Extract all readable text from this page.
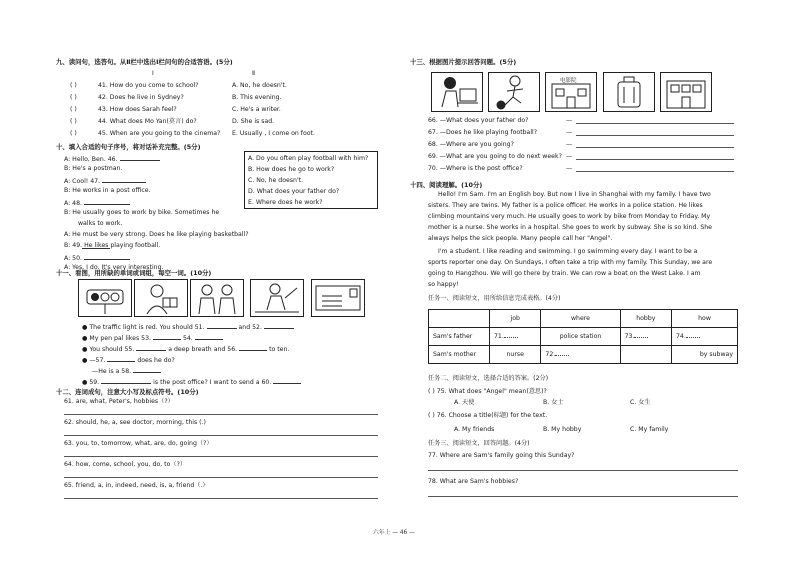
九、读问句，选答句。从Ⅱ栏中选出Ⅰ栏问句的合适答语。(5分)
Ⅰ	Ⅱ
( )	41. How do you come to school?	A. No, he doesn't.
( )	42. Does he live in Sydney?	B. This evening.
( )	43. How does Sarah feel?	C. He's a writer.
( )	44. What does Mo Yan(莫言) do?	D. She is sad.
( )	45. When are you going to the cinema? E. Usually , I come on foot.
十、填入合适的句子序号，将对话补充完整。(5分)
A: Hello, Ben. 46.
B: He's a postman.
A: Cool! 47.
B: He works in a post office.
A: 48.
B: He usually goes to work by bike. Sometimes he
walks to work.
A: He must be very strong. Does he like playing basketball?
B: 49. He likes playing football.
A: 50.
A: Yes, I do. It's very interesting.
A. Do you often play football with him?
B. How does he go to work?
C. No, he doesn't.
D. What does your father do?
E. Where does he work?
十一、看图，用所缺的单词或词组，每空一词。(10分)
● The traffic light is red. You should 51.	and 52.
● My pen pal likes 53.	54.
● You should 55.	a deep breath and 56.	to ten.
● —57.	does he do?
—He is a 58.
● 59.	is the post office? I want to send a 60.
十二、连词成句，注意大小写及标点符号。(10分)
61. are, what, Peter's, hobbies（?）
62. should, he, a, see doctor, morning, this (.)
63. you, to, tomorrow, what, are, do, going（?）
64. how, come, school, you, do, to（?）
65. friend, a, in, indeed, need, is, a, friend（.）
十三、根据图片提示回答问题。(5分)
电影院
66. —What does your father do?	—
67. —Does he like playing football?	—
68. —Where are you going?	—
69. —What are you going to do next week? —
70. —Where is the post office?	—
十四、阅读理解。(10分)
Hello! I'm Sam. I'm an English boy. But now I live in Shanghai with my family. I have two
sisters. They are twins. My father is a police officer. He works in a police station. He likes
climbing mountains very much. He usually goes to work by bike from Monday to Friday. My
mother is a nurse. She works in a hospital. She goes to work by subway. She is so kind. She
always helps the sick people. Many people call her "Angel".
I'm a student. I like reading and swimming. I go swimming every day. I want to be a
sports reporter one day. On Sundays, I often take a trip with my family. This Sunday, we are
going to Hangzhou. We will go there by train. We can row a boat on the West Lake. I am
so happy!
任务一、阅读短文，用所给信息完成表格。(4分)
	job	where	hobby	how
Sam's father	71.	police station	73.	74.
Sam's mother	nurse	72.		by subway
任务二、阅读短文，选择合适的答案。(2分)
( ) 75. What does "Angel" mean(意思)?
A. 天使	B. 女士	C. 女生
( ) 76. Choose a title(标题) for the text.
A. My friends	B. My hobby	C. My family
任务三、阅读短文，回答问题。(4分)
77. Where are Sam's family going this Sunday?
78. What are Sam's hobbies?
六年上 — 46 —
